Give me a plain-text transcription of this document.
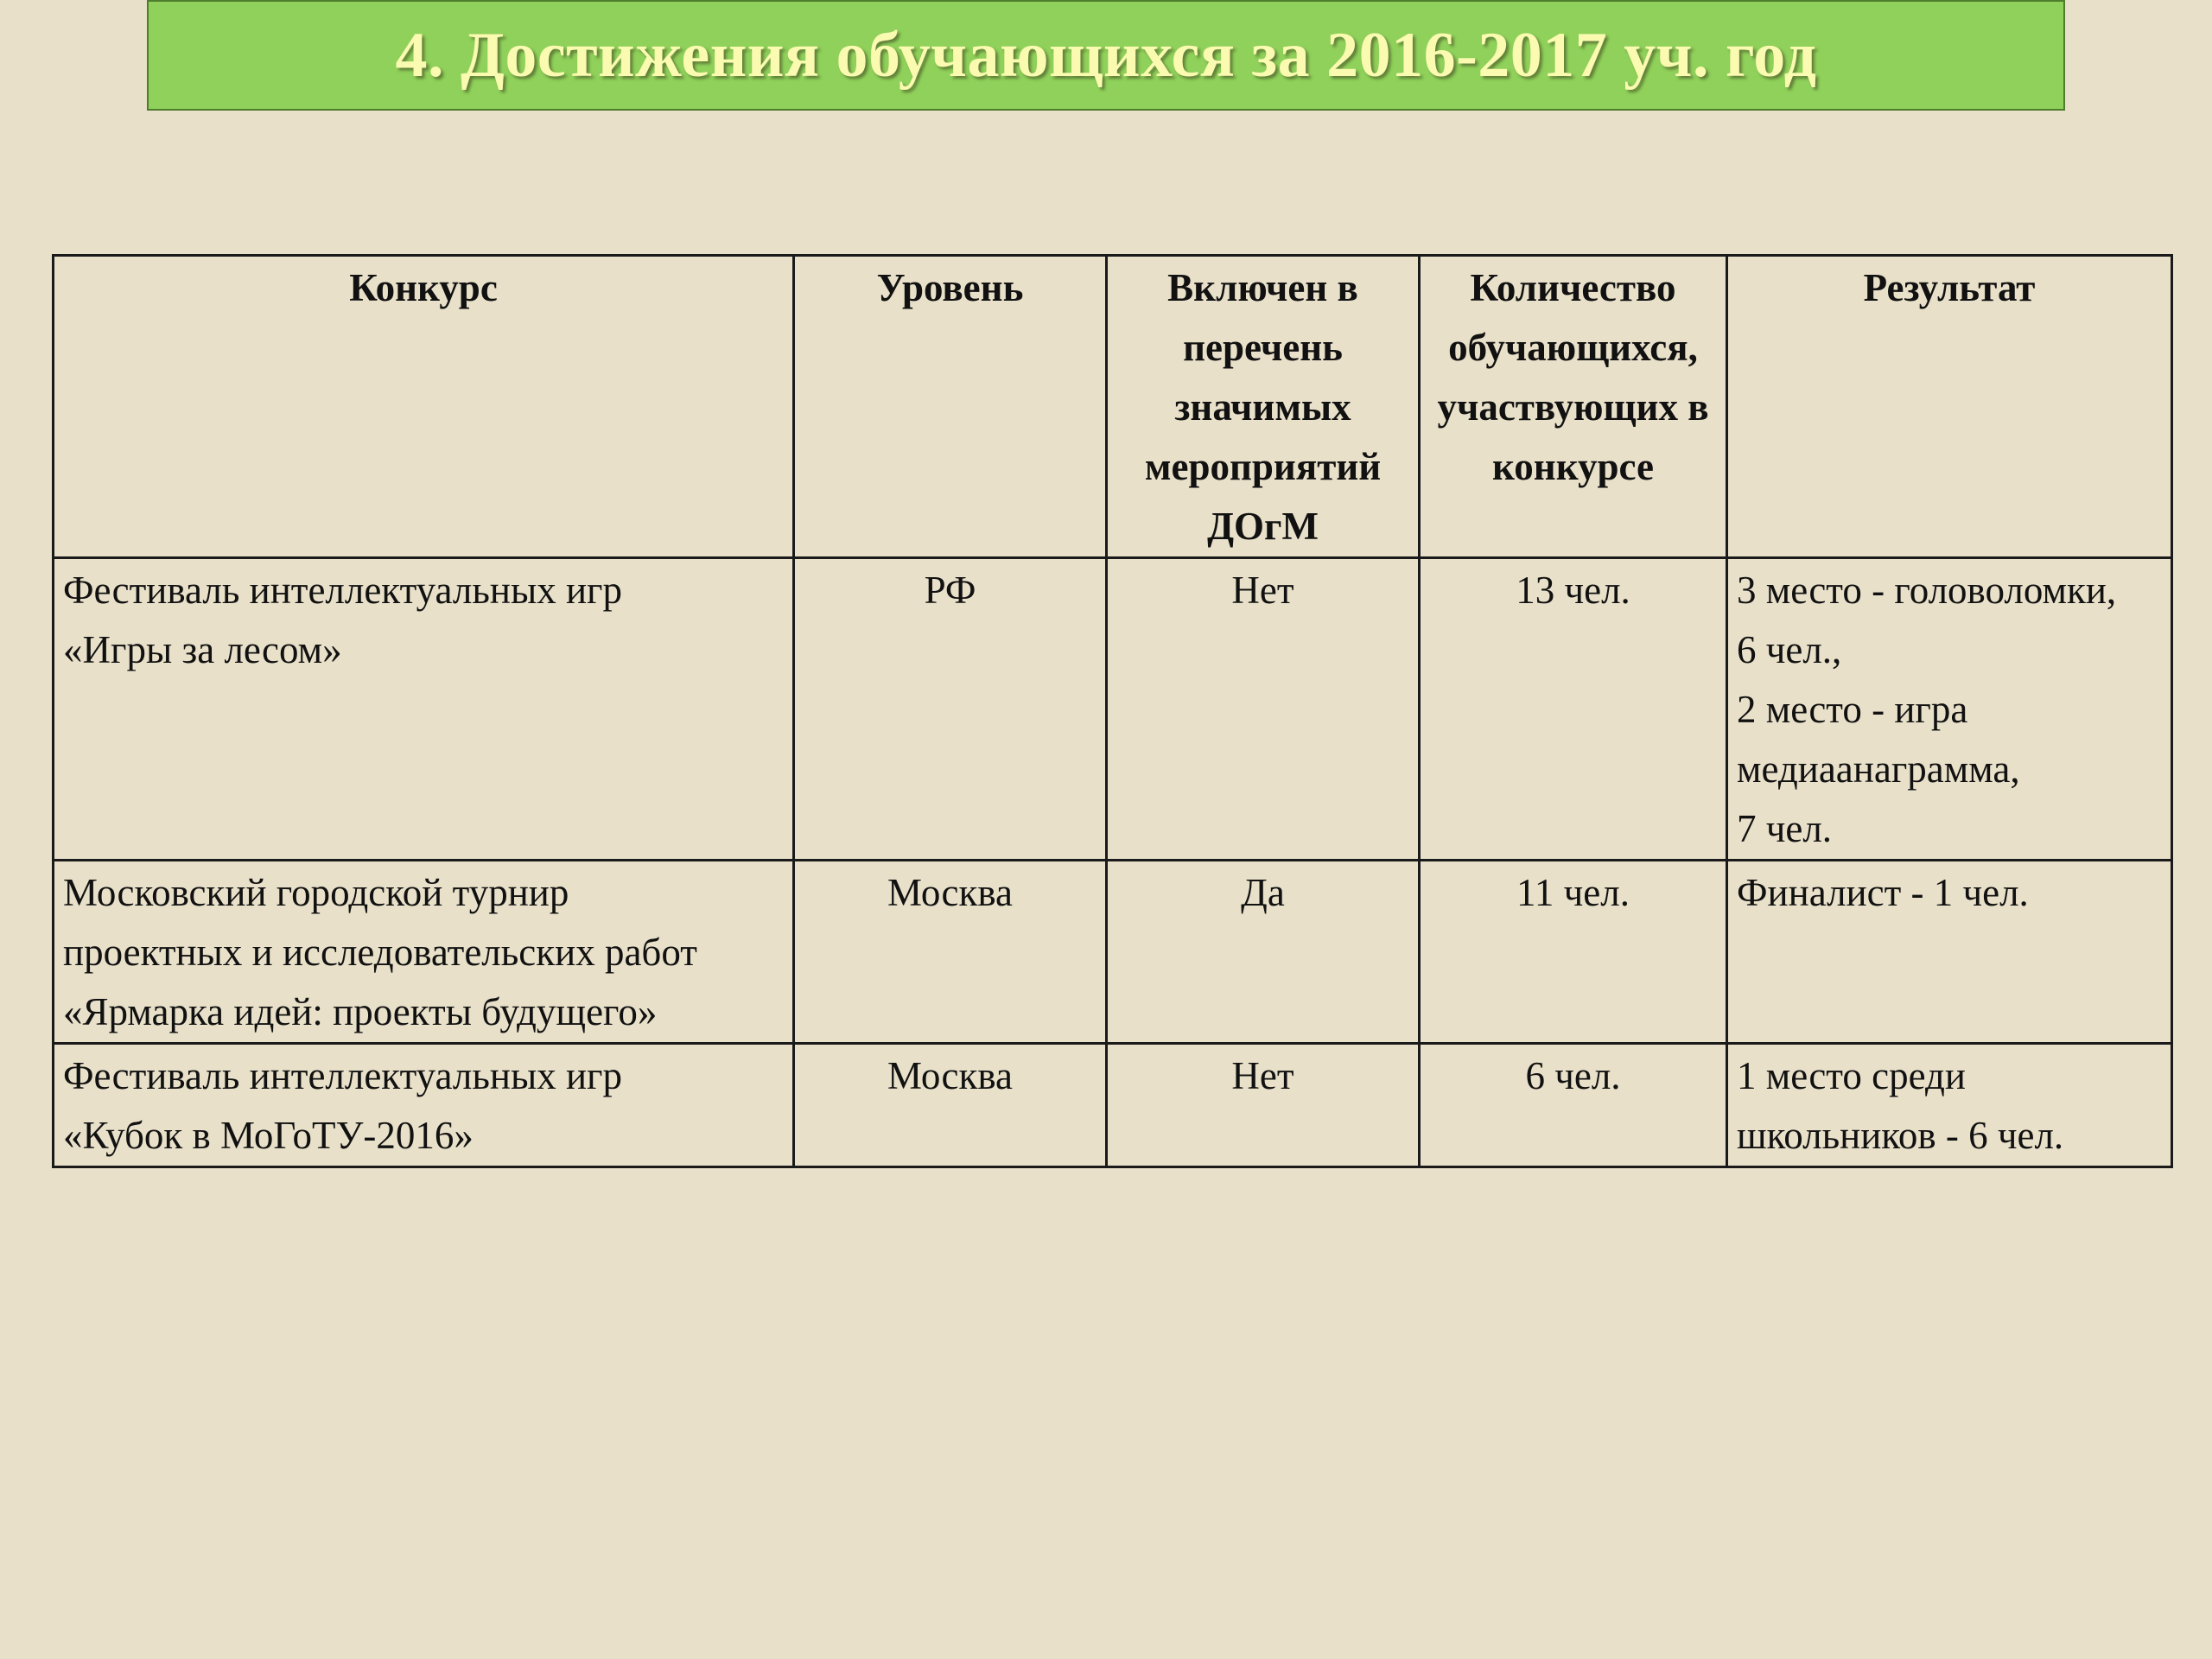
4. Достижения обучающихся за 2016-2017 уч. год
Конкурс	Уровень	Включен в перечень значимых мероприятий ДОгМ	Количество обучающихся, участвующих в конкурсе	Результат

Фестиваль интеллектуальных игр
«Игры за лесом»	РФ	Нет	13 чел.	3 место - головоломки,
6 чел.,
2 место - игра
медиаанаграмма,
7 чел.

Московский городской турнир
проектных и исследовательских работ
«Ярмарка идей: проекты будущего»	Москва	Да	11 чел.	Финалист - 1 чел.

Фестиваль интеллектуальных игр
«Кубок в МоГоТУ-2016»	Москва	Нет	6 чел.	1 место среди
школьников - 6 чел.
